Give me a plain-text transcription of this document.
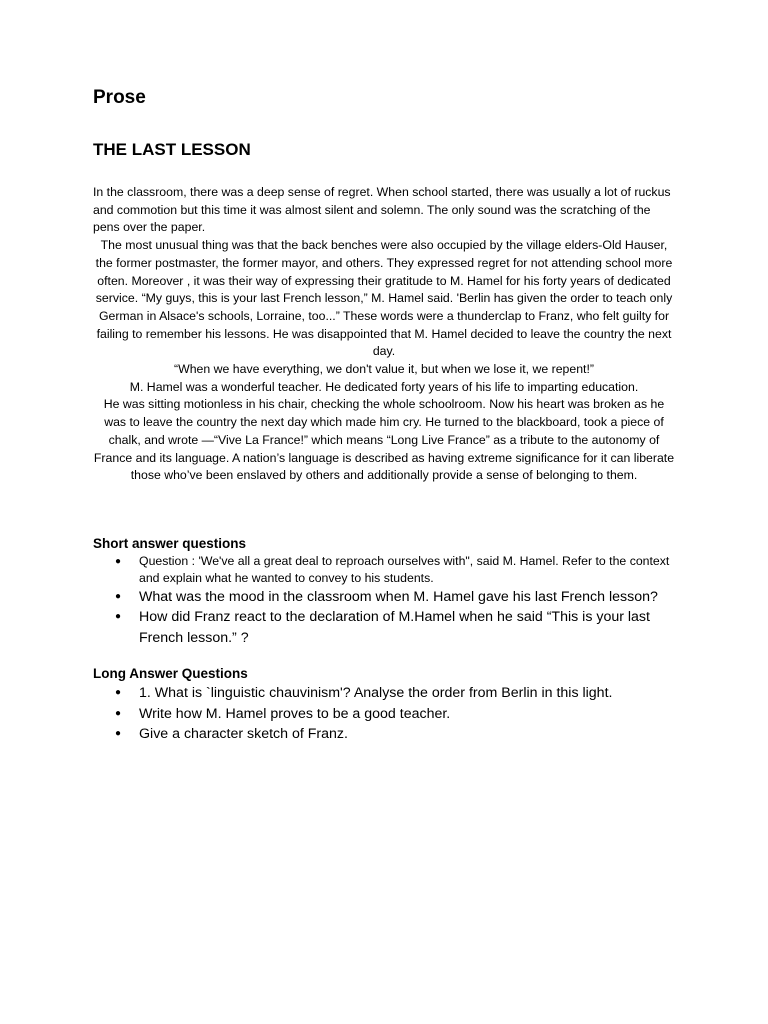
Prose
THE LAST LESSON

In the classroom, there was a deep sense of regret. When school started, there was usually a lot of ruckus and commotion but this time it was almost silent and solemn. The only sound was the scratching of the pens over the paper.

The most unusual thing was that the back benches were also occupied by the village elders-Old Hauser, the former postmaster, the former mayor, and others. They expressed regret for not attending school more often. Moreover , it was their way of expressing their gratitude to M. Hamel for his forty years of dedicated service. “My guys, this is your last French lesson,” M. Hamel said. 'Berlin has given the order to teach only German in Alsace's schools, Lorraine, too...” These words were a thunderclap to Franz, who felt guilty for failing to remember his lessons. He was disappointed that M. Hamel decided to leave the country the next day.

“When we have everything, we don't value it, but when we lose it, we repent!”

M. Hamel was a wonderful teacher. He dedicated forty years of his life to imparting education.

He was sitting motionless in his chair, checking the whole schoolroom. Now his heart was broken as he was to leave the country the next day which made him cry. He turned to the blackboard, took a piece of chalk, and wrote —“Vive La France!” which means “Long Live France” as a tribute to the autonomy of France and its language. A nation’s language is described as having extreme significance for it can liberate those who’ve been enslaved by others and additionally provide a sense of belonging to them.

Short answer questions
● Question : 'We've all a great deal to reproach ourselves with", said M. Hamel. Refer to the context and explain what he wanted to convey to his students.
● What was the mood in the classroom when M. Hamel gave his last French lesson?
● How did Franz react to the declaration of M.Hamel when he said “This is your last French lesson.” ?
Long Answer Questions
● 1. What is `linguistic chauvinism'? Analyse the order from Berlin in this light.
● Write how M. Hamel proves to be a good teacher.
● Give a character sketch of Franz.
